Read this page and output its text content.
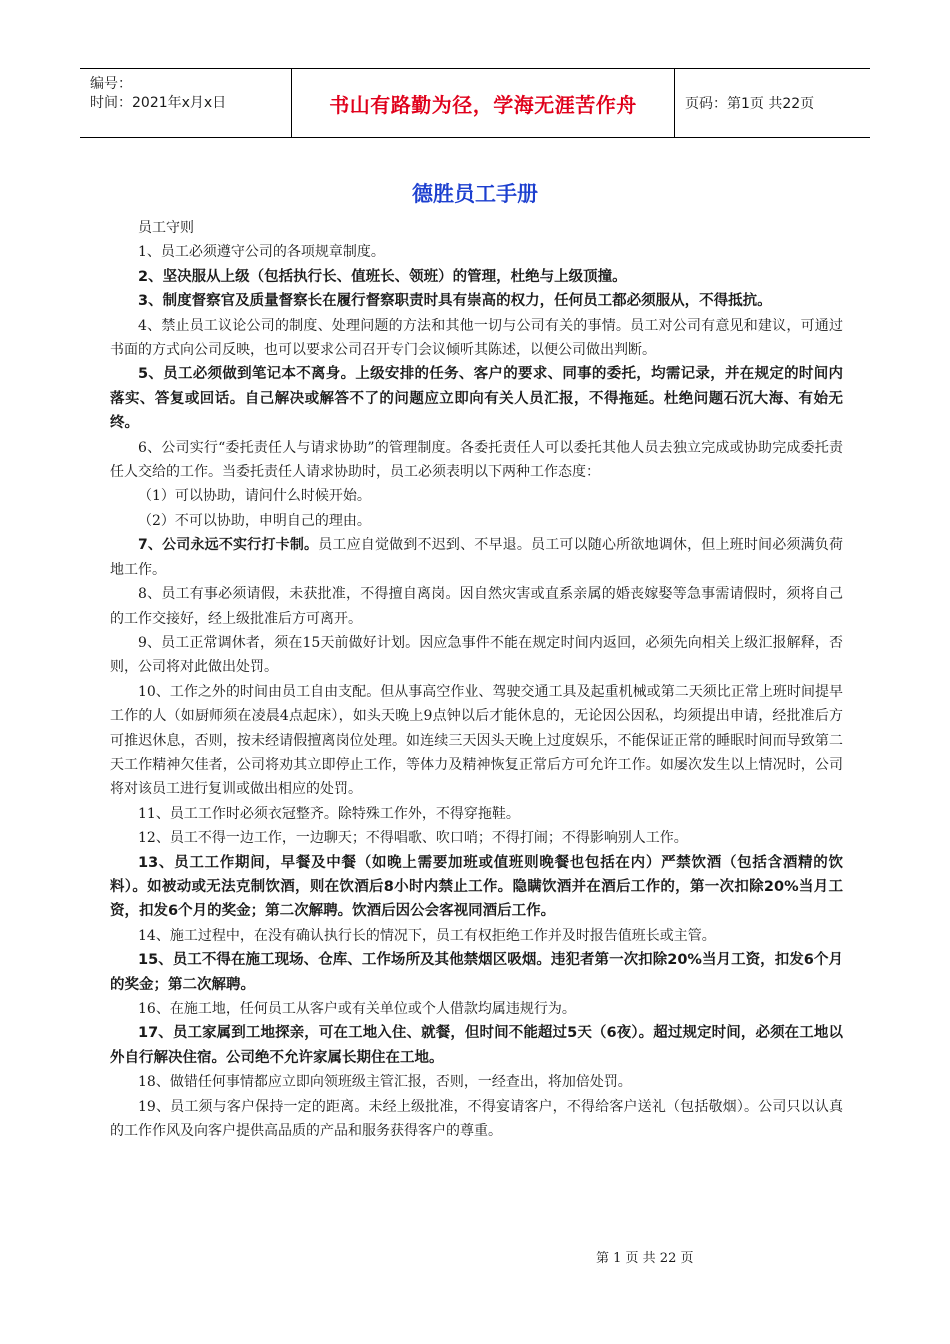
编号：
时间：2021年x月x日	书山有路勤为径，学海无涯苦作舟	页码：第1页 共22页
德胜员工手册

员工守则

1、员工必须遵守公司的各项规章制度。

2、坚决服从上级（包括执行长、值班长、领班）的管理，杜绝与上级顶撞。

3、制度督察官及质量督察长在履行督察职责时具有崇高的权力，任何员工都必须服从，不得抵抗。

4、禁止员工议论公司的制度、处理问题的方法和其他一切与公司有关的事情。员工对公司有意见和建议，可通过书面的方式向公司反映，也可以要求公司召开专门会议倾听其陈述，以便公司做出判断。

5、员工必须做到笔记本不离身。上级安排的任务、客户的要求、同事的委托，均需记录，并在规定的时间内落实、答复或回话。自己解决或解答不了的问题应立即向有关人员汇报，不得拖延。杜绝问题石沉大海、有始无终。

6、公司实行“委托责任人与请求协助”的管理制度。各委托责任人可以委托其他人员去独立完成或协助完成委托责任人交给的工作。当委托责任人请求协助时，员工必须表明以下两种工作态度：

（1）可以协助，请问什么时候开始。

（2）不可以协助，申明自己的理由。

7、公司永远不实行打卡制。员工应自觉做到不迟到、不早退。员工可以随心所欲地调休，但上班时间必须满负荷地工作。

8、员工有事必须请假，未获批准，不得擅自离岗。因自然灾害或直系亲属的婚丧嫁娶等急事需请假时，须将自己的工作交接好，经上级批准后方可离开。

9、员工正常调休者，须在15天前做好计划。因应急事件不能在规定时间内返回，必须先向相关上级汇报解释，否则，公司将对此做出处罚。

10、工作之外的时间由员工自由支配。但从事高空作业、驾驶交通工具及起重机械或第二天须比正常上班时间提早工作的人（如厨师须在凌晨4点起床），如头天晚上9点钟以后才能休息的，无论因公因私，均须提出申请，经批准后方可推迟休息，否则，按未经请假擅离岗位处理。如连续三天因头天晚上过度娱乐，不能保证正常的睡眠时间而导致第二天工作精神欠佳者，公司将劝其立即停止工作，等体力及精神恢复正常后方可允许工作。如屡次发生以上情况时，公司将对该员工进行复训或做出相应的处罚。

11、员工工作时必须衣冠整齐。除特殊工作外，不得穿拖鞋。

12、员工不得一边工作，一边聊天；不得唱歌、吹口哨；不得打闹；不得影响别人工作。

13、员工工作期间，早餐及中餐（如晚上需要加班或值班则晚餐也包括在内）严禁饮酒（包括含酒精的饮料）。如被动或无法克制饮酒，则在饮酒后8小时内禁止工作。隐瞒饮酒并在酒后工作的，第一次扣除20%当月工资，扣发6个月的奖金；第二次解聘。饮酒后因公会客视同酒后工作。

14、施工过程中，在没有确认执行长的情况下，员工有权拒绝工作并及时报告值班长或主管。

15、员工不得在施工现场、仓库、工作场所及其他禁烟区吸烟。违犯者第一次扣除20%当月工资，扣发6个月的奖金；第二次解聘。

16、在施工地，任何员工从客户或有关单位或个人借款均属违规行为。

17、员工家属到工地探亲，可在工地入住、就餐，但时间不能超过5天（6夜）。超过规定时间，必须在工地以外自行解决住宿。公司绝不允许家属长期住在工地。

18、做错任何事情都应立即向领班级主管汇报，否则，一经查出，将加倍处罚。

19、员工须与客户保持一定的距离。未经上级批准，不得宴请客户，不得给客户送礼（包括敬烟）。公司只以认真的工作作风及向客户提供高品质的产品和服务获得客户的尊重。

第 1 页 共 22 页
